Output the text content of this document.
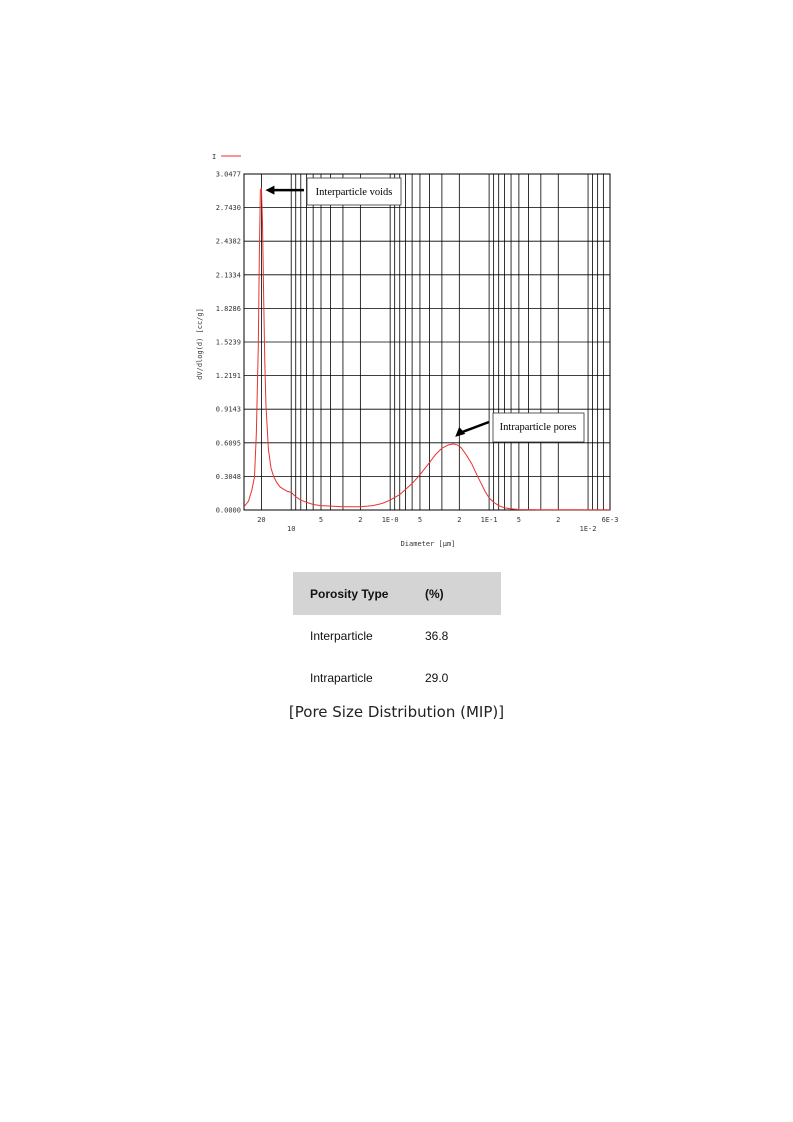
I
0.0000
0.3048
0.6095
0.9143
1.2191
1.5239
1.8286
2.1334
2.4382
2.7430
3.0477
20
10
5	2	1E-0	5	2	1E-1	5	2
1E-2
6E-3
Diameter [µm]
dV/dlog(d) [cc/g]
Interparticle voids
Intraparticle pores
Porosity Type	(%)
Interparticle	36.8
Intraparticle	29.0
[Pore Size Distribution (MIP)]
